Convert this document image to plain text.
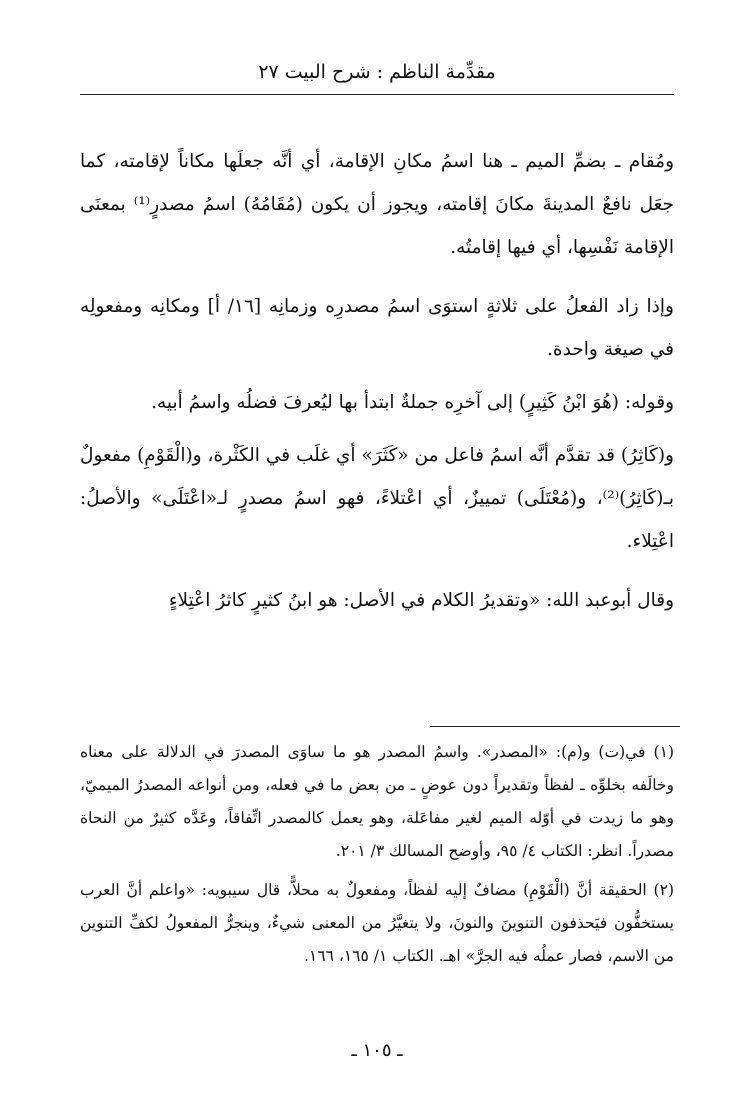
مقدِّمة الناظم : شرح البيت ٢٧

ومُقام ـ بضمِّ الميم ـ هنا اسمُ مكانِ الإقامة، أي أنَّه جعلَها مكاناً لإقامته، كما جعَل نافعٌ المدينةَ مكانَ إقامته، ويجوز أن يكون (مُقَامُهُ) اسمُ مصدرٍ⁽¹⁾ بمعنَى الإقامة نَفْسِها، أي فيها إقامتُه.

وإذا زاد الفعلُ على ثلاثةٍ استوَى اسمُ مصدرِه وزمانِه [١٦/ أ] ومكانِه ومفعولِه في صيغة واحدة.

وقوله: (هُوَ ابْنُ كَثِيرٍ) إلى آخرِه جملةٌ ابتدأ بها ليُعرفَ فضلُه واسمُ أبيه.

و(كَاثِرُ) قد تقدَّم أنَّه اسمُ فاعل من «كَثَرَ» أي غلَب في الكَثْرة، و(الْقَوْمِ) مفعولٌ بـ(كَاثِرُ)⁽²⁾، و(مُعْتَلَى) تمييزٌ، أي اعْتلاءً، فهو اسمُ مصدرٍ لـ«اعْتَلَى» والأصلُ: اعْتِلاء.

وقال أبوعبد الله: «وتقديرُ الكلام في الأصل: هو ابنُ كثيرٍ كاثرُ اعْتِلاءٍ

(١) في(ت) و(م): «المصدر». واسمُ المصدر هو ما ساوَى المصدرَ في الدلالة على معناه وخالَفه بخلوِّه ـ لفظاً وتقديراً دون عوضٍ ـ من بعض ما في فعله، ومن أنواعه المصدرُ الميميّ، وهو ما زيدت في أوّله الميم لغير مفاعَلة، وهو يعمل كالمصدر اتِّفاقاً، وعَدَّه كثيرٌ من النحاة مصدراً. انظر: الكتاب ٤/ ٩٥، وأوضح المسالك ٣/ ٢٠١.

(٢) الحقيقة أنَّ (الْقَوْمِ) مضافٌ إليه لفظاً، ومفعولٌ به محلاًّ، قال سيبويه: «واعلم أنَّ العرب يستخفُّون فيَحذفون التنوينَ والنونَ، ولا يتغيَّرُ من المعنى شيءٌ، وينجرُّ المفعولُ لكفِّ التنوين من الاسم، فصار عملُه فيه الجرَّ» اهـ. الكتاب ١/ ١٦٥، ١٦٦.

ـ ١٠٥ ـ
